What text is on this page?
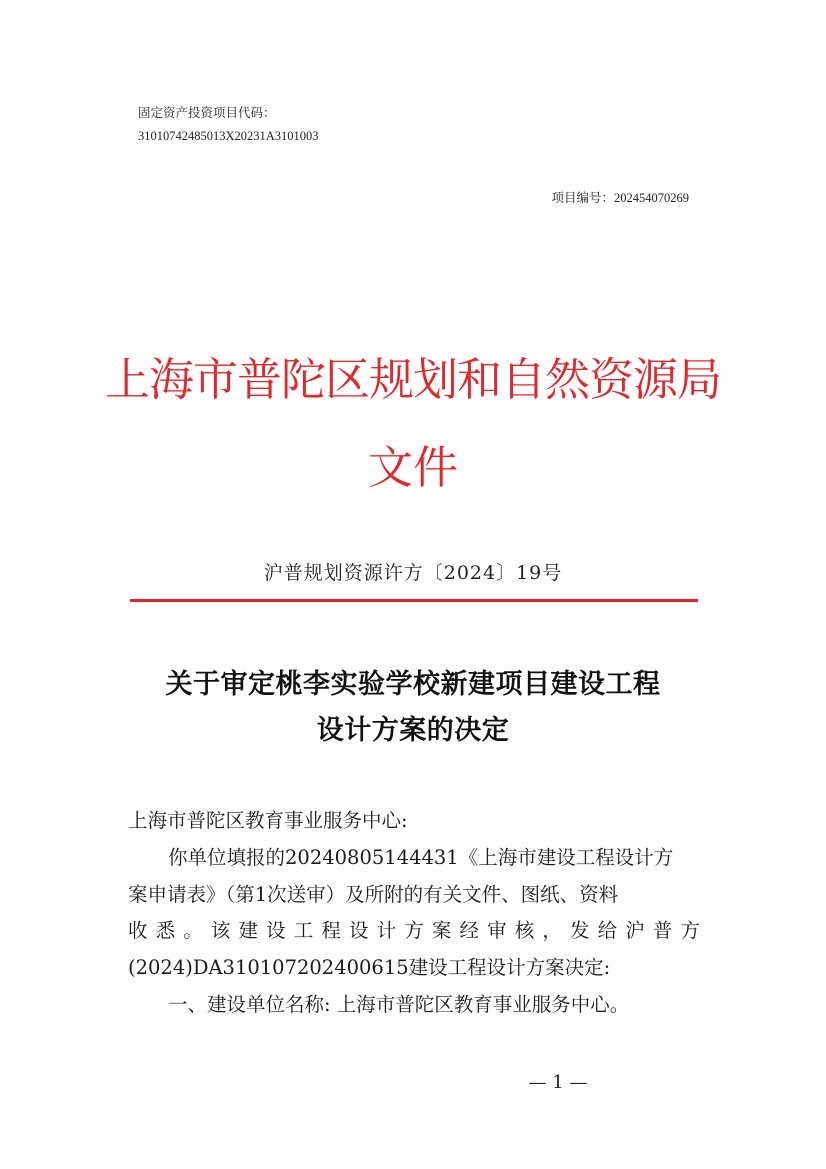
固定资产投资项目代码：
31010742485013X20231A3101003
项目编号：202454070269
上海市普陀区规划和自然资源局
文件
沪普规划资源许方〔2024〕19号
关于审定桃李实验学校新建项目建设工程
设计方案的决定
上海市普陀区教育事业服务中心:
你单位填报的20240805144431《上海市建设工程设计方
案申请表》（第1次送审）及所附的有关文件、图纸、资料
收悉。该建设工程设计方案经审核，发给沪普方
(2024)DA310107202400615建设工程设计方案决定:
一、建设单位名称: 上海市普陀区教育事业服务中心。
— 1 —
